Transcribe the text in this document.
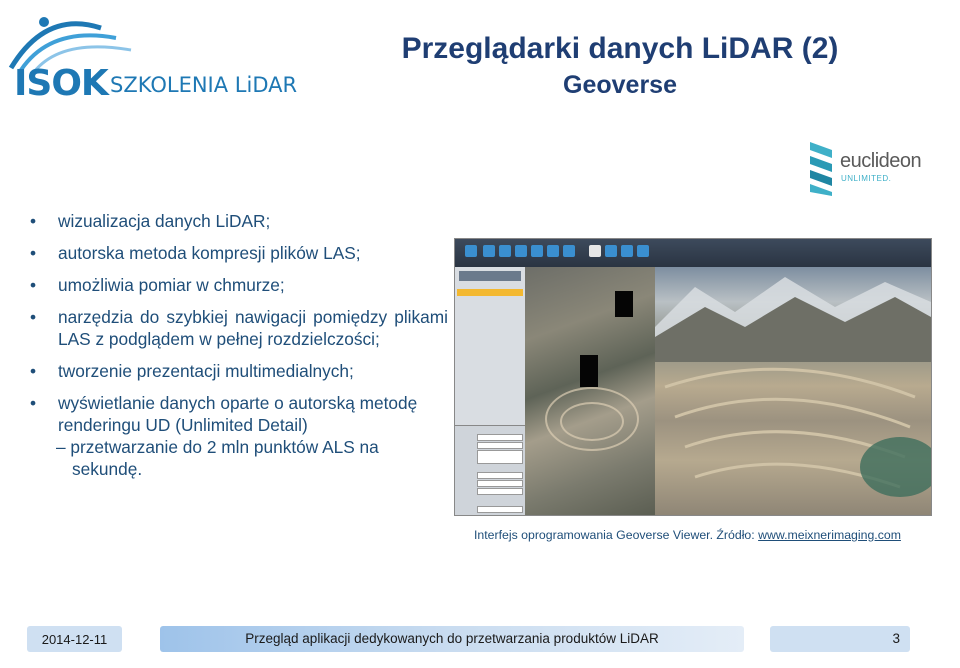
ISOK SZKOLENIA LiDAR
Przeglądarki danych LiDAR (2)
Geoverse
euclideon
UNLIMITED.
• wizualizacja danych LiDAR;
• autorska metoda kompresji plików LAS;
• umożliwia pomiar w chmurze;
• narzędzia do szybkiej nawigacji pomiędzy plikami LAS z podglądem w pełnej rozdzielczości;
• tworzenie prezentacji multimedialnych;
• wyświetlanie danych oparte o autorską metodę renderingu UD (Unlimited Detail)
– przetwarzanie do 2 mln punktów ALS na sekundę.
Interfejs oprogramowania Geoverse Viewer. Źródło: www.meixnerimaging.com
2014-12-11	Przegląd aplikacji dedykowanych do przetwarzania produktów LiDAR	3
